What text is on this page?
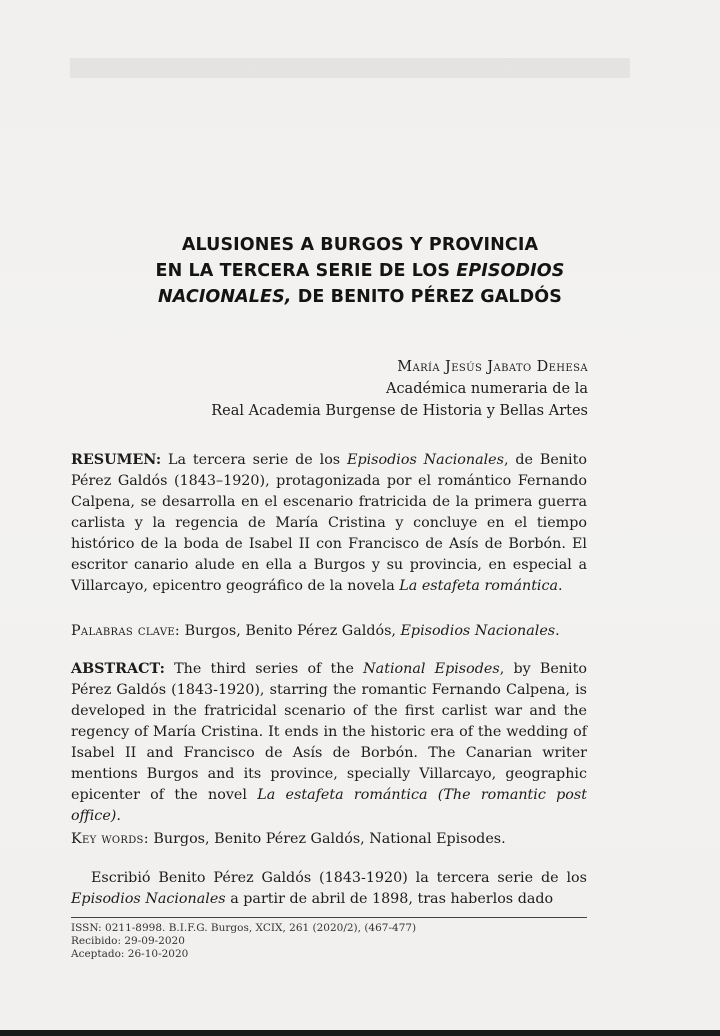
ALUSIONES A BURGOS Y PROVINCIA
EN LA TERCERA SERIE DE LOS EPISODIOS
NACIONALES, DE BENITO PÉREZ GALDÓS
María Jesús Jabato Dehesa
Académica numeraria de la
Real Academia Burgense de Historia y Bellas Artes
RESUMEN: La tercera serie de los Episodios Nacionales, de Benito Pérez Galdós (1843–1920), protagonizada por el romántico Fernando Calpena, se desarrolla en el escenario fratricida de la primera guerra carlista y la regencia de María Cristina y concluye en el tiempo histórico de la boda de Isabel II con Francisco de Asís de Borbón. El escritor canario alude en ella a Burgos y su provincia, en especial a Villarcayo, epicentro geográfico de la novela La estafeta romántica.
Palabras clave: Burgos, Benito Pérez Galdós, Episodios Nacionales.
ABSTRACT: The third series of the National Episodes, by Benito Pérez Galdós (1843-1920), starring the romantic Fernando Calpena, is developed in the fratricidal scenario of the first carlist war and the regency of María Cristina. It ends in the historic era of the wedding of Isabel II and Francisco de Asís de Borbón. The Canarian writer mentions Burgos and its province, specially Villarcayo, geographic epicenter of the novel La estafeta romántica (The romantic post office).
Key words: Burgos, Benito Pérez Galdós, National Episodes.
Escribió Benito Pérez Galdós (1843-1920) la tercera serie de los Episodios Nacionales a partir de abril de 1898, tras haberlos dado
ISSN: 0211-8998. B.I.F.G. Burgos, XCIX, 261 (2020/2), (467-477)
Recibido: 29-09-2020
Aceptado: 26-10-2020
